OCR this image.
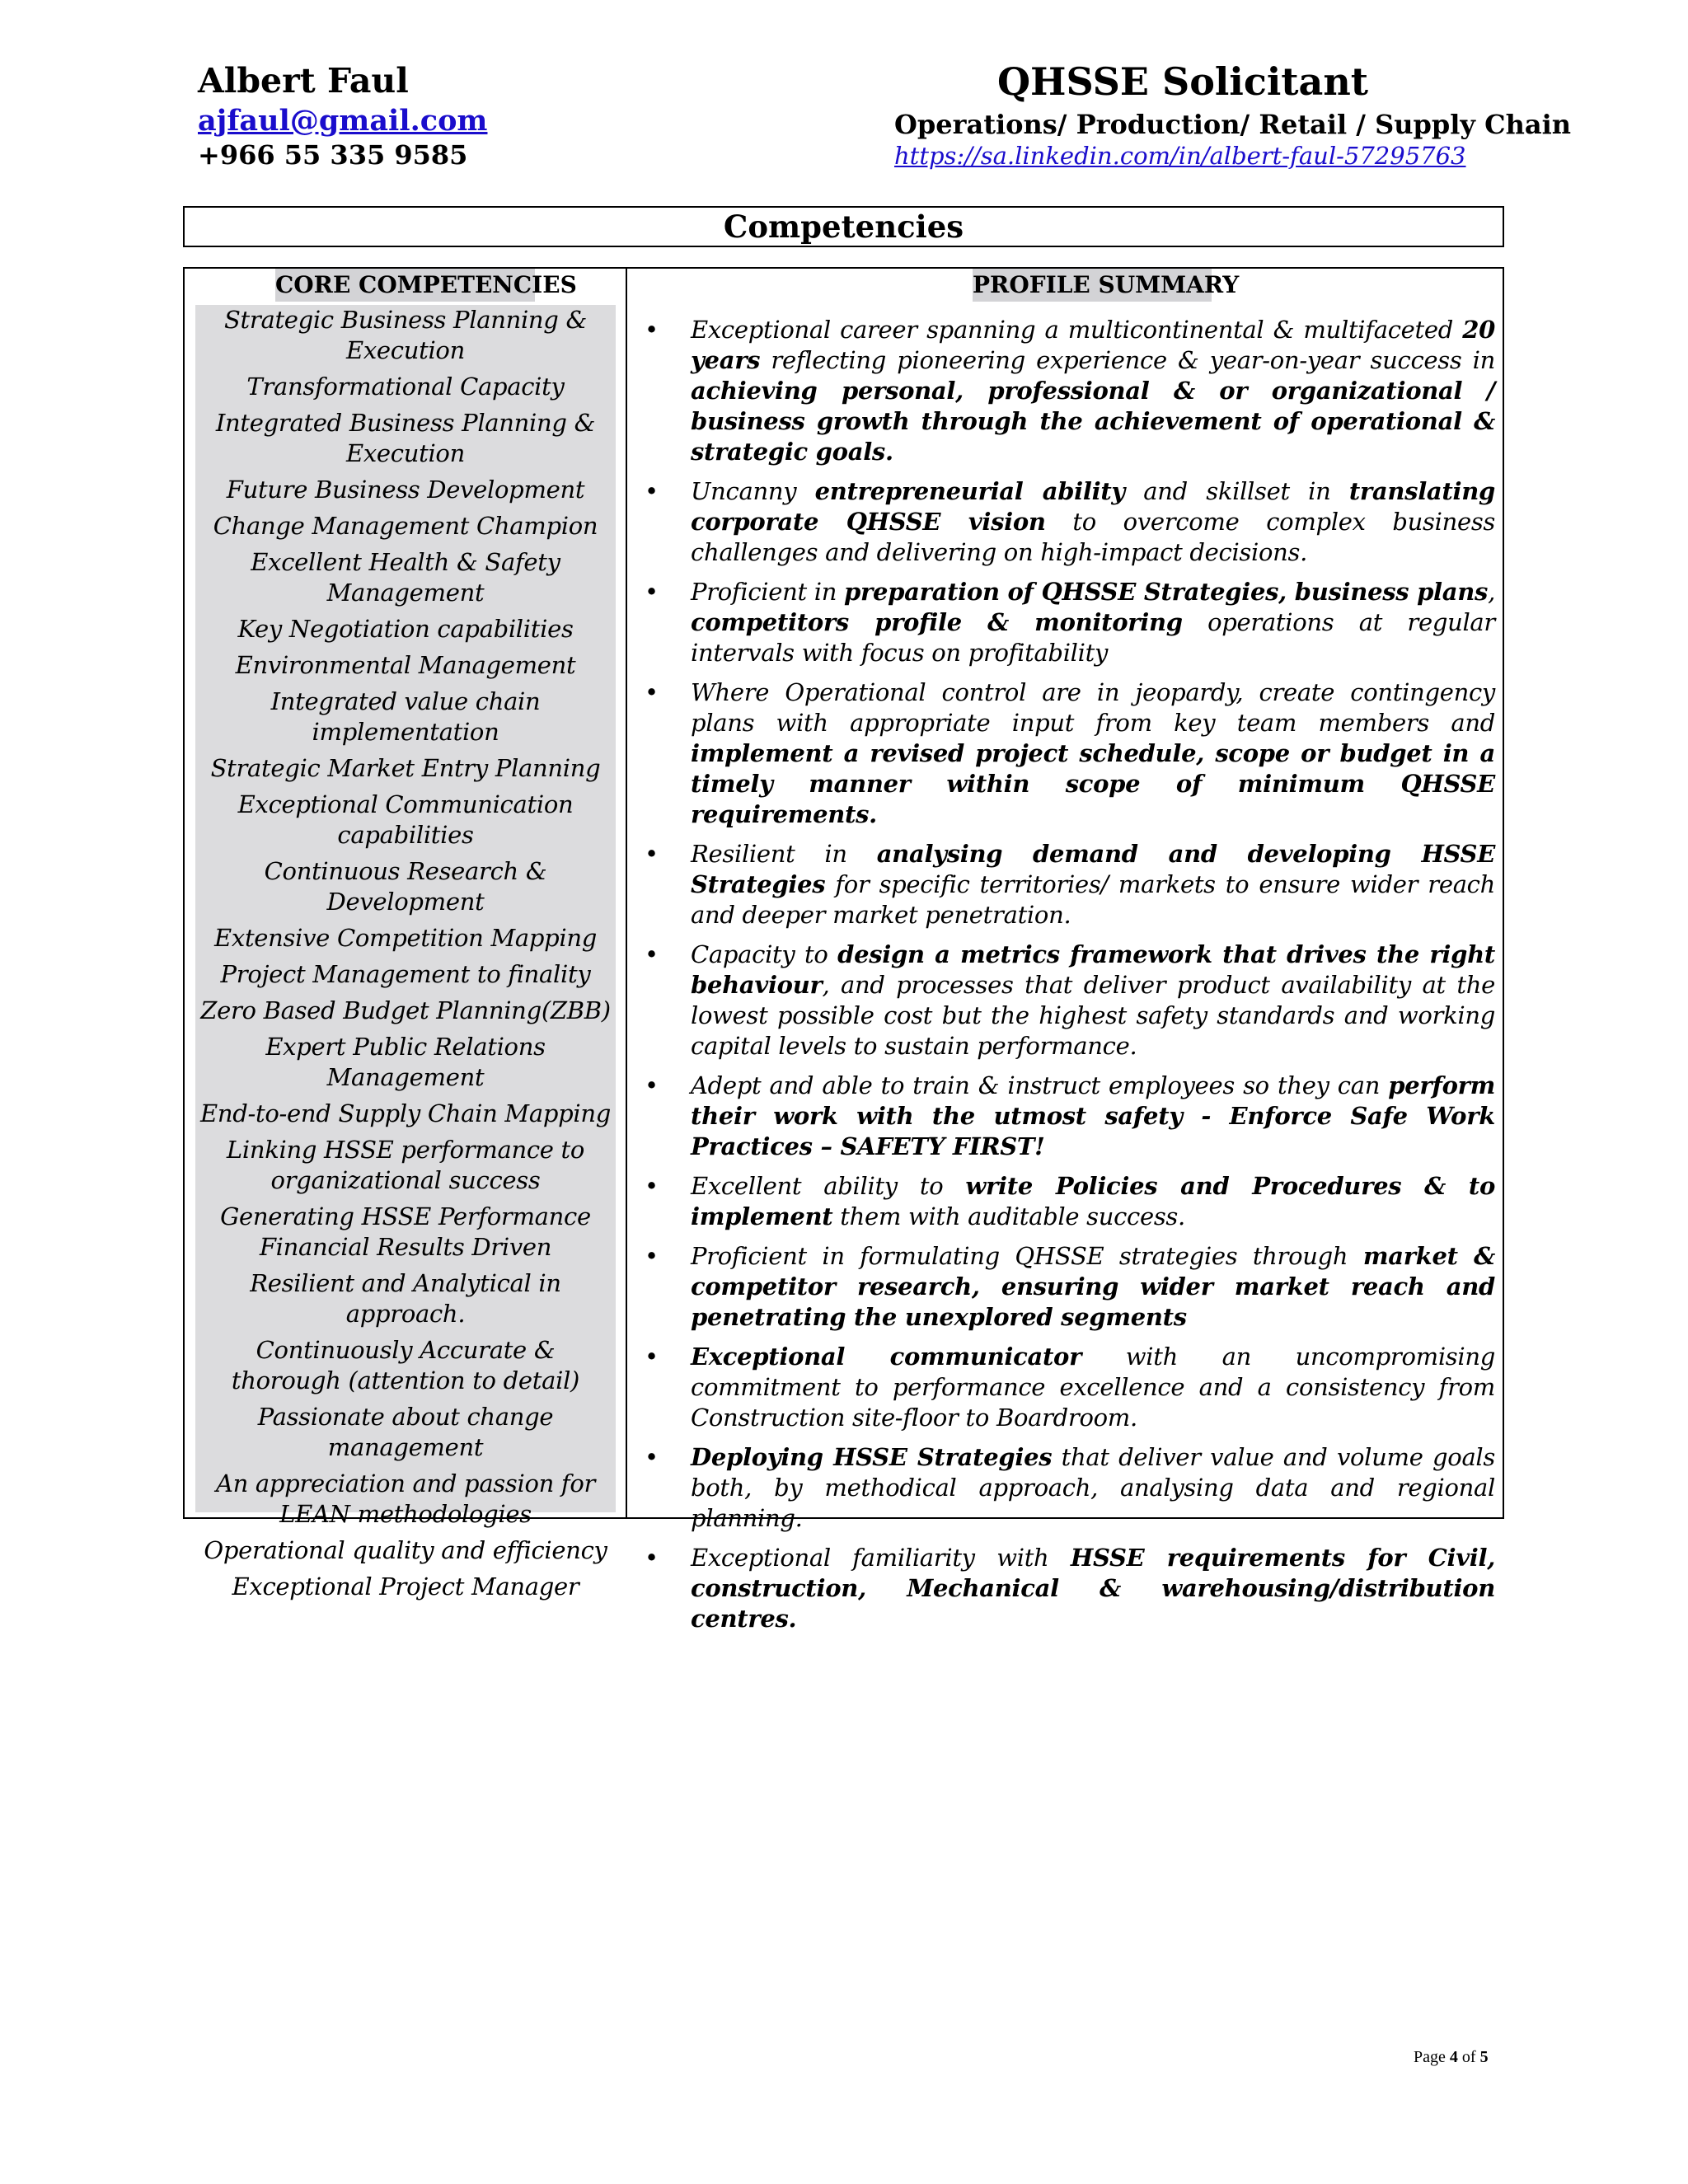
Albert Faul
ajfaul@gmail.com
+966 55 335 9585
QHSSE Solicitant
Operations/ Production/ Retail / Supply Chain
https://sa.linkedin.com/in/albert-faul-57295763
Competencies
CORE COMPETENCIES
Strategic Business Planning & Execution
Transformational Capacity
Integrated Business Planning & Execution
Future Business Development
Change Management Champion
Excellent Health & Safety Management
Key Negotiation capabilities
Environmental Management
Integrated value chain implementation
Strategic Market Entry Planning
Exceptional Communication capabilities
Continuous Research & Development
Extensive Competition Mapping
Project Management to finality
Zero Based Budget Planning(ZBB)
Expert Public Relations Management
End-to-end Supply Chain Mapping
Linking HSSE performance to organizational success
Generating HSSE Performance Financial Results Driven
Resilient and Analytical in approach.
Continuously Accurate & thorough (attention to detail)
Passionate about change management
An appreciation and passion for LEAN methodologies
Operational quality and efficiency
Exceptional Project Manager
PROFILE SUMMARY
• Exceptional career spanning a multicontinental & multifaceted 20 years reflecting pioneering experience & year-on-year success in achieving personal, professional & or organizational / business growth through the achievement of operational & strategic goals.
• Uncanny entrepreneurial ability and skillset in translating corporate QHSSE vision to overcome complex business challenges and delivering on high-impact decisions.
• Proficient in preparation of QHSSE Strategies, business plans, competitors profile & monitoring operations at regular intervals with focus on profitability
• Where Operational control are in jeopardy, create contingency plans with appropriate input from key team members and implement a revised project schedule, scope or budget in a timely manner within scope of minimum QHSSE requirements.
• Resilient in analysing demand and developing HSSE Strategies for specific territories/ markets to ensure wider reach and deeper market penetration.
• Capacity to design a metrics framework that drives the right behaviour, and processes that deliver product availability at the lowest possible cost but the highest safety standards and working capital levels to sustain performance.
• Adept and able to train & instruct employees so they can perform their work with the utmost safety - Enforce Safe Work Practices – SAFETY FIRST!
• Excellent ability to write Policies and Procedures & to implement them with auditable success.
• Proficient in formulating QHSSE strategies through market & competitor research, ensuring wider market reach and penetrating the unexplored segments
• Exceptional communicator with an uncompromising commitment to performance excellence and a consistency from Construction site-floor to Boardroom.
• Deploying HSSE Strategies that deliver value and volume goals both, by methodical approach, analysing data and regional planning.
• Exceptional familiarity with HSSE requirements for Civil, construction, Mechanical & warehousing/distribution centres.
Page 4 of 5
